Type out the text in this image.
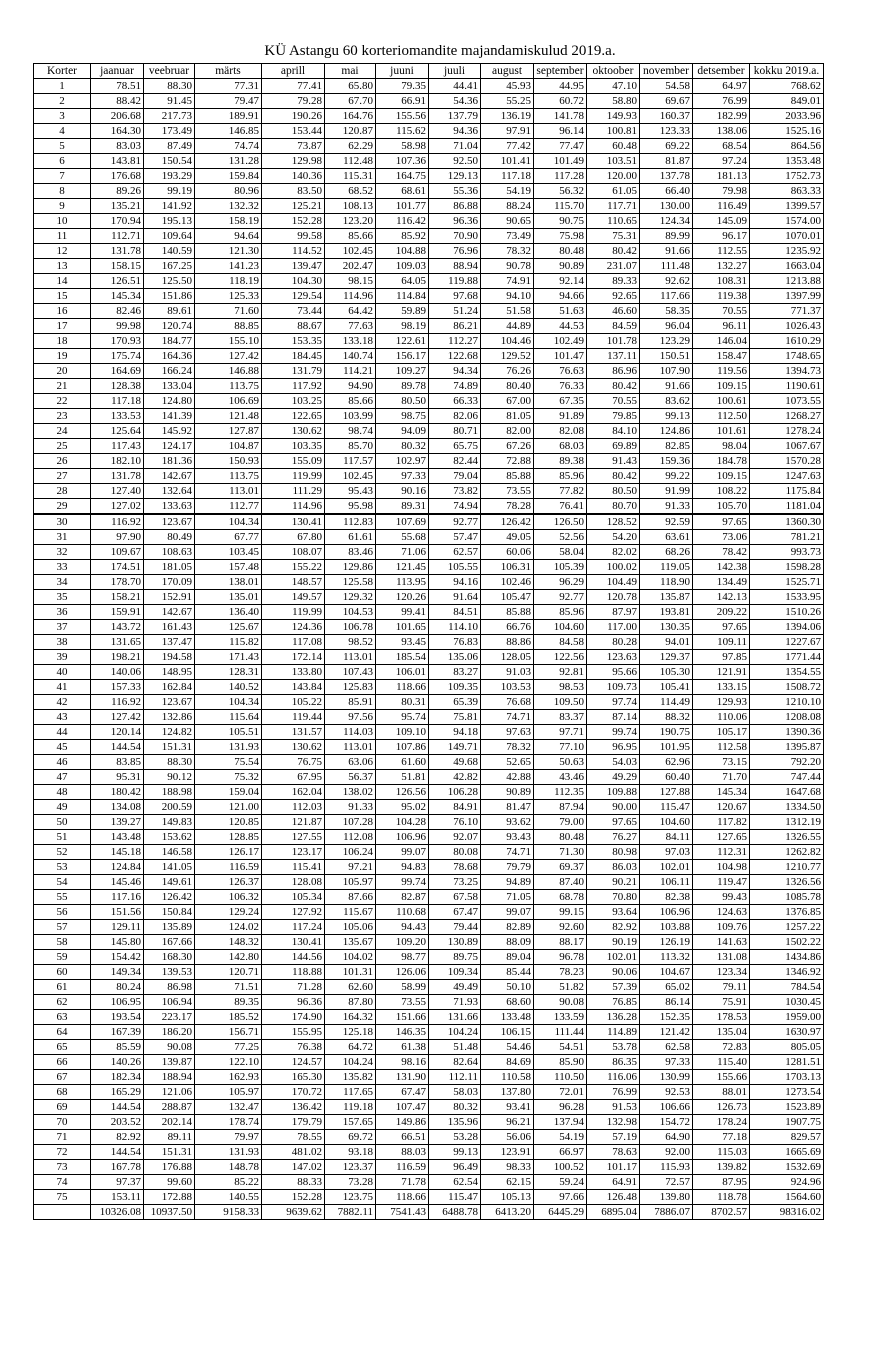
KÜ Astangu 60 korteriomandite majandamiskulud 2019.a.
Korter	jaanuar	veebruar	märts	aprill	mai	juuni	juuli	august	september	oktoober	november	detsember	kokku 2019.a.
1	78.51	88.30	77.31	77.41	65.80	79.35	44.41	45.93	44.95	47.10	54.58	64.97	768.62
2	88.42	91.45	79.47	79.28	67.70	66.91	54.36	55.25	60.72	58.80	69.67	76.99	849.01
3	206.68	217.73	189.91	190.26	164.76	155.56	137.79	136.19	141.78	149.93	160.37	182.99	2033.96
4	164.30	173.49	146.85	153.44	120.87	115.62	94.36	97.91	96.14	100.81	123.33	138.06	1525.16
5	83.03	87.49	74.74	73.87	62.29	58.98	71.04	77.42	77.47	60.48	69.22	68.54	864.56
6	143.81	150.54	131.28	129.98	112.48	107.36	92.50	101.41	101.49	103.51	81.87	97.24	1353.48
7	176.68	193.29	159.84	140.36	115.31	164.75	129.13	117.18	117.28	120.00	137.78	181.13	1752.73
8	89.26	99.19	80.96	83.50	68.52	68.61	55.36	54.19	56.32	61.05	66.40	79.98	863.33
9	135.21	141.92	132.32	125.21	108.13	101.77	86.88	88.24	115.70	117.71	130.00	116.49	1399.57
10	170.94	195.13	158.19	152.28	123.20	116.42	96.36	90.65	90.75	110.65	124.34	145.09	1574.00
11	112.71	109.64	94.64	99.58	85.66	85.92	70.90	73.49	75.98	75.31	89.99	96.17	1070.01
12	131.78	140.59	121.30	114.52	102.45	104.88	76.96	78.32	80.48	80.42	91.66	112.55	1235.92
13	158.15	167.25	141.23	139.47	202.47	109.03	88.94	90.78	90.89	231.07	111.48	132.27	1663.04
14	126.51	125.50	118.19	104.30	98.15	64.05	119.88	74.91	92.14	89.33	92.62	108.31	1213.88
15	145.34	151.86	125.33	129.54	114.96	114.84	97.68	94.10	94.66	92.65	117.66	119.38	1397.99
16	82.46	89.61	71.60	73.44	64.42	59.89	51.24	51.58	51.63	46.60	58.35	70.55	771.37
17	99.98	120.74	88.85	88.67	77.63	98.19	86.21	44.89	44.53	84.59	96.04	96.11	1026.43
18	170.93	184.77	155.10	153.35	133.18	122.61	112.27	104.46	102.49	101.78	123.29	146.04	1610.29
19	175.74	164.36	127.42	184.45	140.74	156.17	122.68	129.52	101.47	137.11	150.51	158.47	1748.65
20	164.69	166.24	146.88	131.79	114.21	109.27	94.34	76.26	76.63	86.96	107.90	119.56	1394.73
21	128.38	133.04	113.75	117.92	94.90	89.78	74.89	80.40	76.33	80.42	91.66	109.15	1190.61
22	117.18	124.80	106.69	103.25	85.66	80.50	66.33	67.00	67.35	70.55	83.62	100.61	1073.55
23	133.53	141.39	121.48	122.65	103.99	98.75	82.06	81.05	91.89	79.85	99.13	112.50	1268.27
24	125.64	145.92	127.87	130.62	98.74	94.09	80.71	82.00	82.08	84.10	124.86	101.61	1278.24
25	117.43	124.17	104.87	103.35	85.70	80.32	65.75	67.26	68.03	69.89	82.85	98.04	1067.67
26	182.10	181.36	150.93	155.09	117.57	102.97	82.44	72.88	89.38	91.43	159.36	184.78	1570.28
27	131.78	142.67	113.75	119.99	102.45	97.33	79.04	85.88	85.96	80.42	99.22	109.15	1247.63
28	127.40	132.64	113.01	111.29	95.43	90.16	73.82	73.55	77.82	80.50	91.99	108.22	1175.84
29	127.02	133.63	112.77	114.96	95.98	89.31	74.94	78.28	76.41	80.70	91.33	105.70	1181.04
30	116.92	123.67	104.34	130.41	112.83	107.69	92.77	126.42	126.50	128.52	92.59	97.65	1360.30
31	97.90	80.49	67.77	67.80	61.61	55.68	57.47	49.05	52.56	54.20	63.61	73.06	781.21
32	109.67	108.63	103.45	108.07	83.46	71.06	62.57	60.06	58.04	82.02	68.26	78.42	993.73
33	174.51	181.05	157.48	155.22	129.86	121.45	105.55	106.31	105.39	100.02	119.05	142.38	1598.28
34	178.70	170.09	138.01	148.57	125.58	113.95	94.16	102.46	96.29	104.49	118.90	134.49	1525.71
35	158.21	152.91	135.01	149.57	129.32	120.26	91.64	105.47	92.77	120.78	135.87	142.13	1533.95
36	159.91	142.67	136.40	119.99	104.53	99.41	84.51	85.88	85.96	87.97	193.81	209.22	1510.26
37	143.72	161.43	125.67	124.36	106.78	101.65	114.10	66.76	104.60	117.00	130.35	97.65	1394.06
38	131.65	137.47	115.82	117.08	98.52	93.45	76.83	88.86	84.58	80.28	94.01	109.11	1227.67
39	198.21	194.58	171.43	172.14	113.01	185.54	135.06	128.05	122.56	123.63	129.37	97.85	1771.44
40	140.06	148.95	128.31	133.80	107.43	106.01	83.27	91.03	92.81	95.66	105.30	121.91	1354.55
41	157.33	162.84	140.52	143.84	125.83	118.66	109.35	103.53	98.53	109.73	105.41	133.15	1508.72
42	116.92	123.67	104.34	105.22	85.91	80.31	65.39	76.68	109.50	97.74	114.49	129.93	1210.10
43	127.42	132.86	115.64	119.44	97.56	95.74	75.81	74.71	83.37	87.14	88.32	110.06	1208.08
44	120.14	124.82	105.51	131.57	114.03	109.10	94.18	97.63	97.71	99.74	190.75	105.17	1390.36
45	144.54	151.31	131.93	130.62	113.01	107.86	149.71	78.32	77.10	96.95	101.95	112.58	1395.87
46	83.85	88.30	75.54	76.75	63.06	61.60	49.68	52.65	50.63	54.03	62.96	73.15	792.20
47	95.31	90.12	75.32	67.95	56.37	51.81	42.82	42.88	43.46	49.29	60.40	71.70	747.44
48	180.42	188.98	159.04	162.04	138.02	126.56	106.28	90.89	112.35	109.88	127.88	145.34	1647.68
49	134.08	200.59	121.00	112.03	91.33	95.02	84.91	81.47	87.94	90.00	115.47	120.67	1334.50
50	139.27	149.83	120.85	121.87	107.28	104.28	76.10	93.62	79.00	97.65	104.60	117.82	1312.19
51	143.48	153.62	128.85	127.55	112.08	106.96	92.07	93.43	80.48	76.27	84.11	127.65	1326.55
52	145.18	146.58	126.17	123.17	106.24	99.07	80.08	74.71	71.30	80.98	97.03	112.31	1262.82
53	124.84	141.05	116.59	115.41	97.21	94.83	78.68	79.79	69.37	86.03	102.01	104.98	1210.77
54	145.46	149.61	126.37	128.08	105.97	99.74	73.25	94.89	87.40	90.21	106.11	119.47	1326.56
55	117.16	126.42	106.32	105.34	87.66	82.87	67.58	71.05	68.78	70.80	82.38	99.43	1085.78
56	151.56	150.84	129.24	127.92	115.67	110.68	67.47	99.07	99.15	93.64	106.96	124.63	1376.85
57	129.11	135.89	124.02	117.24	105.06	94.43	79.44	82.89	92.60	82.92	103.88	109.76	1257.22
58	145.80	167.66	148.32	130.41	135.67	109.20	130.89	88.09	88.17	90.19	126.19	141.63	1502.22
59	154.42	168.30	142.80	144.56	104.02	98.77	89.75	89.04	96.78	102.01	113.32	131.08	1434.86
60	149.34	139.53	120.71	118.88	101.31	126.06	109.34	85.44	78.23	90.06	104.67	123.34	1346.92
61	80.24	86.98	71.51	71.28	62.60	58.99	49.49	50.10	51.82	57.39	65.02	79.11	784.54
62	106.95	106.94	89.35	96.36	87.80	73.55	71.93	68.60	90.08	76.85	86.14	75.91	1030.45
63	193.54	223.17	185.52	174.90	164.32	151.66	131.66	133.48	133.59	136.28	152.35	178.53	1959.00
64	167.39	186.20	156.71	155.95	125.18	146.35	104.24	106.15	111.44	114.89	121.42	135.04	1630.97
65	85.59	90.08	77.25	76.38	64.72	61.38	51.48	54.46	54.51	53.78	62.58	72.83	805.05
66	140.26	139.87	122.10	124.57	104.24	98.16	82.64	84.69	85.90	86.35	97.33	115.40	1281.51
67	182.34	188.94	162.93	165.30	135.82	131.90	112.11	110.58	110.50	116.06	130.99	155.66	1703.13
68	165.29	121.06	105.97	170.72	117.65	67.47	58.03	137.80	72.01	76.99	92.53	88.01	1273.54
69	144.54	288.87	132.47	136.42	119.18	107.47	80.32	93.41	96.28	91.53	106.66	126.73	1523.89
70	203.52	202.14	178.74	179.79	157.65	149.86	135.96	96.21	137.94	132.98	154.72	178.24	1907.75
71	82.92	89.11	79.97	78.55	69.72	66.51	53.28	56.06	54.19	57.19	64.90	77.18	829.57
72	144.54	151.31	131.93	481.02	93.18	88.03	99.13	123.91	66.97	78.63	92.00	115.03	1665.69
73	167.78	176.88	148.78	147.02	123.37	116.59	96.49	98.33	100.52	101.17	115.93	139.82	1532.69
74	97.37	99.60	85.22	88.33	73.28	71.78	62.54	62.15	59.24	64.91	72.57	87.95	924.96
75	153.11	172.88	140.55	152.28	123.75	118.66	115.47	105.13	97.66	126.48	139.80	118.78	1564.60
	10326.08	10937.50	9158.33	9639.62	7882.11	7541.43	6488.78	6413.20	6445.29	6895.04	7886.07	8702.57	98316.02
